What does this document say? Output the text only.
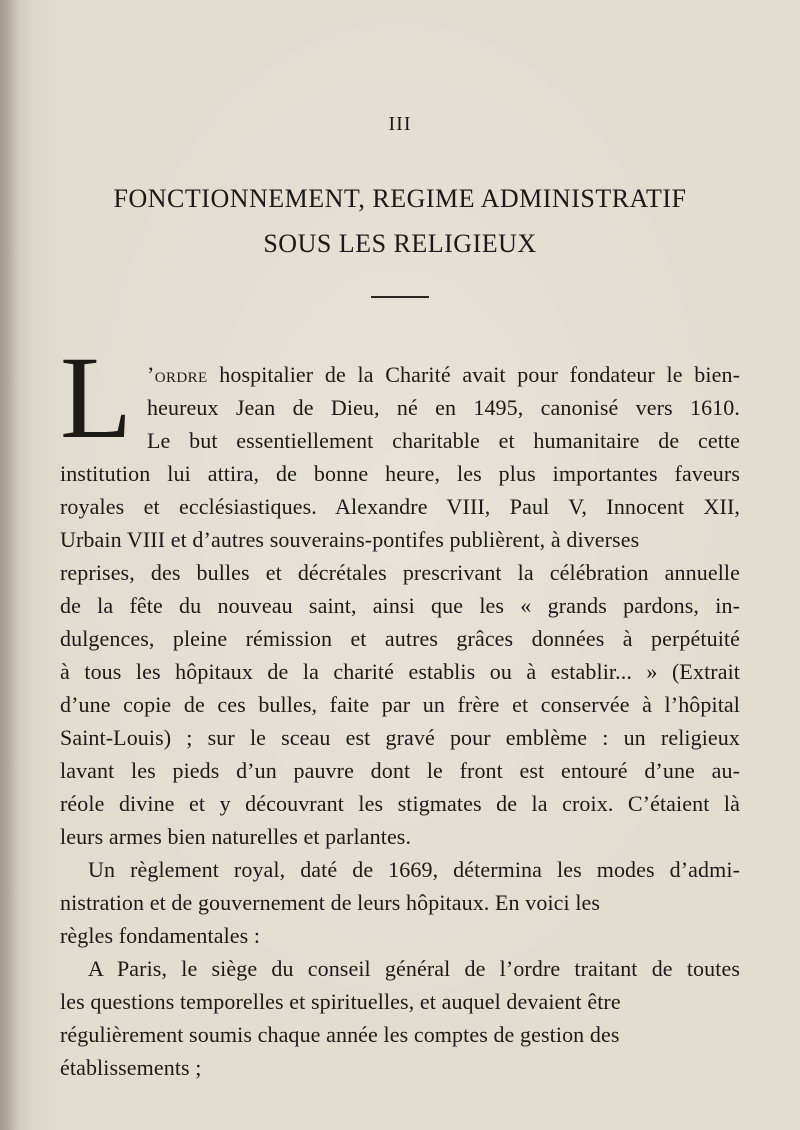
III
FONCTIONNEMENT, REGIME ADMINISTRATIF
SOUS LES RELIGIEUX
L ’ordre hospitalier de la Charité avait pour fondateur le bien-
heureux Jean de Dieu, né en 1495, canonisé vers 1610.
Le but essentiellement charitable et humanitaire de cette
institution lui attira, de bonne heure, les plus importantes faveurs
royales et ecclésiastiques. Alexandre VIII, Paul V, Innocent XII,
Urbain VIII et d’autres souverains-pontifes publièrent, à diverses
reprises, des bulles et décrétales prescrivant la célébration annuelle
de la fête du nouveau saint, ainsi que les « grands pardons, in-
dulgences, pleine rémission et autres grâces données à perpétuité
à tous les hôpitaux de la charité establis ou à establir... » (Extrait
d’une copie de ces bulles, faite par un frère et conservée à l’hôpital
Saint-Louis) ; sur le sceau est gravé pour emblème : un religieux
lavant les pieds d’un pauvre dont le front est entouré d’une au-
réole divine et y découvrant les stigmates de la croix. C’étaient là
leurs armes bien naturelles et parlantes.
Un règlement royal, daté de 1669, détermina les modes d’admi-
nistration et de gouvernement de leurs hôpitaux. En voici les
règles fondamentales :
A Paris, le siège du conseil général de l’ordre traitant de toutes
les questions temporelles et spirituelles, et auquel devaient être
régulièrement soumis chaque année les comptes de gestion des
établissements ;
